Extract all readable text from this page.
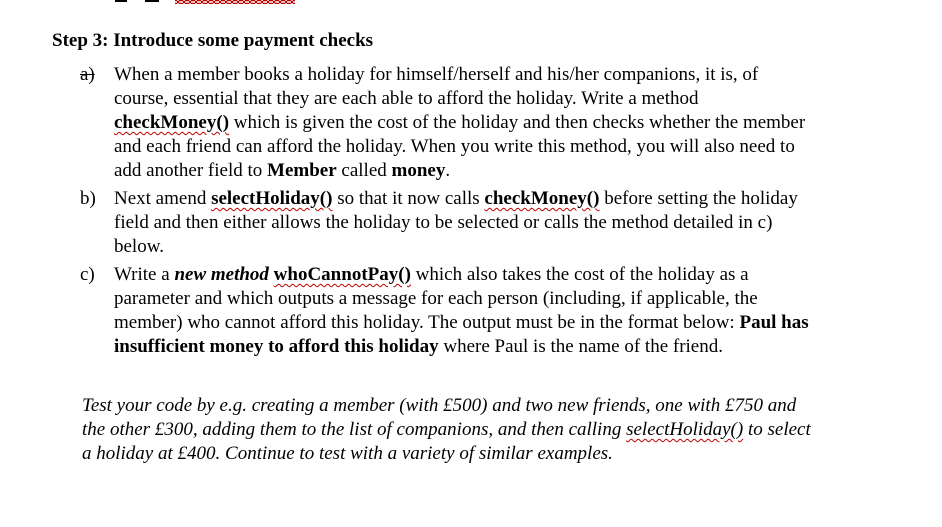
Step 3: Introduce some payment checks
a)	When a member books a holiday for himself/herself and his/her companions, it is, of
course, essential that they are each able to afford the holiday. Write a method
checkMoney() which is given the cost of the holiday and then checks whether the member
and each friend can afford the holiday. When you write this method, you will also need to
add another field to Member called money.
b) Next amend selectHoliday() so that it now calls checkMoney() before setting the holiday
field and then either allows the holiday to be selected or calls the method detailed in c)
below.
c)	Write a new method whoCannotPay() which also takes the cost of the holiday as a
parameter and which outputs a message for each person (including, if applicable, the
member) who cannot afford this holiday. The output must be in the format below: Paul has
insufficient money to afford this holiday where Paul is the name of the friend.
Test your code by e.g. creating a member (with £500) and two new friends, one with £750 and
the other £300, adding them to the list of companions, and then calling selectHoliday() to select
a holiday at £400. Continue to test with a variety of similar examples.
